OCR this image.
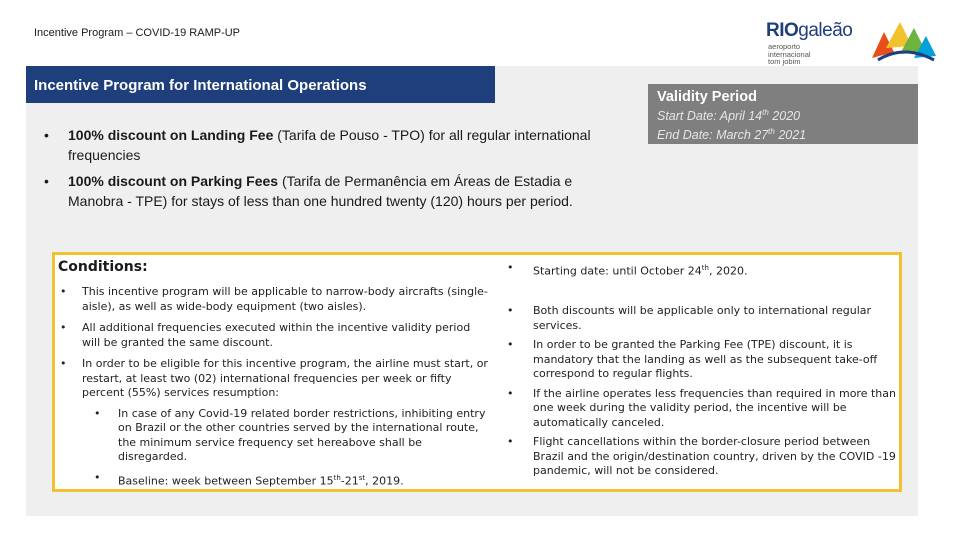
Incentive Program – COVID-19 RAMP-UP	RIOgaleão
aeroporto
internacional
tom jobim
Incentive Program for International Operations
Validity Period
Start Date: April 14th 2020
End Date: March 27th 2021
• 100% discount on Landing Fee (Tarifa de Pouso - TPO) for all regular international frequencies
• 100% discount on Parking Fees (Tarifa de Permanência em Áreas de Estadia e Manobra - TPE) for stays of less than one hundred twenty (120) hours per period.
Conditions:
• This incentive program will be applicable to narrow-body aircrafts (single-aisle), as well as wide-body equipment (two aisles).
• All additional frequencies executed within the incentive validity period will be granted the same discount.
• In order to be eligible for this incentive program, the airline must start, or restart, at least two (02) international frequencies per week or fifty percent (55%) services resumption:
• In case of any Covid-19 related border restrictions, inhibiting entry on Brazil or the other countries served by the international route, the minimum service frequency set hereabove shall be disregarded.
• Baseline: week between September 15th-21st, 2019.
• Starting date: until October 24th, 2020.
• Both discounts will be applicable only to international regular services.
• In order to be granted the Parking Fee (TPE) discount, it is mandatory that the landing as well as the subsequent take-off correspond to regular flights.
• If the airline operates less frequencies than required in more than one week during the validity period, the incentive will be automatically canceled.
• Flight cancellations within the border-closure period between Brazil and the origin/destination country, driven by the COVID -19 pandemic, will not be considered.
